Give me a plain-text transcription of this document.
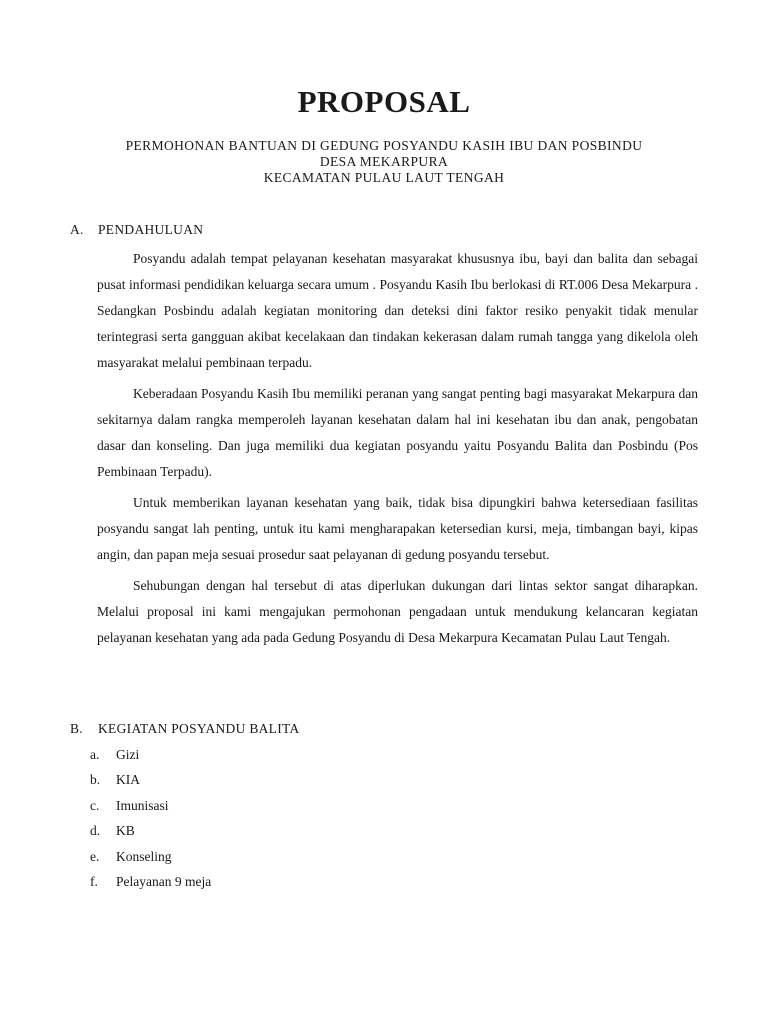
PROPOSAL
PERMOHONAN BANTUAN DI GEDUNG POSYANDU KASIH IBU DAN POSBINDU
DESA MEKARPURA
KECAMATAN PULAU LAUT TENGAH
A. PENDAHULUAN

Posyandu adalah tempat pelayanan kesehatan masyarakat khususnya ibu, bayi dan balita dan sebagai pusat informasi pendidikan keluarga secara umum . Posyandu Kasih Ibu berlokasi di RT.006 Desa Mekarpura . Sedangkan Posbindu adalah kegiatan monitoring dan deteksi dini faktor resiko penyakit tidak menular terintegrasi serta gangguan akibat kecelakaan dan tindakan kekerasan dalam rumah tangga yang dikelola oleh masyarakat melalui pembinaan terpadu.

Keberadaan Posyandu Kasih Ibu memiliki peranan yang sangat penting bagi masyarakat Mekarpura dan sekitarnya dalam rangka memperoleh layanan kesehatan dalam hal ini kesehatan ibu dan anak, pengobatan dasar dan konseling. Dan juga memiliki dua kegiatan posyandu yaitu Posyandu Balita dan Posbindu (Pos Pembinaan Terpadu).

Untuk memberikan layanan kesehatan yang baik, tidak bisa dipungkiri bahwa ketersediaan fasilitas posyandu sangat lah penting, untuk itu kami mengharapakan ketersedian kursi, meja, timbangan bayi, kipas angin, dan papan meja sesuai prosedur saat pelayanan di gedung posyandu tersebut.

Sehubungan dengan hal tersebut di atas diperlukan dukungan dari lintas sektor sangat diharapkan. Melalui proposal ini kami mengajukan permohonan pengadaan untuk mendukung kelancaran kegiatan pelayanan kesehatan yang ada pada Gedung Posyandu di Desa Mekarpura Kecamatan Pulau Laut Tengah.

B. KEGIATAN POSYANDU BALITA
a. Gizi
b. KIA
c. Imunisasi
d. KB
e. Konseling
f. Pelayanan 9 meja
